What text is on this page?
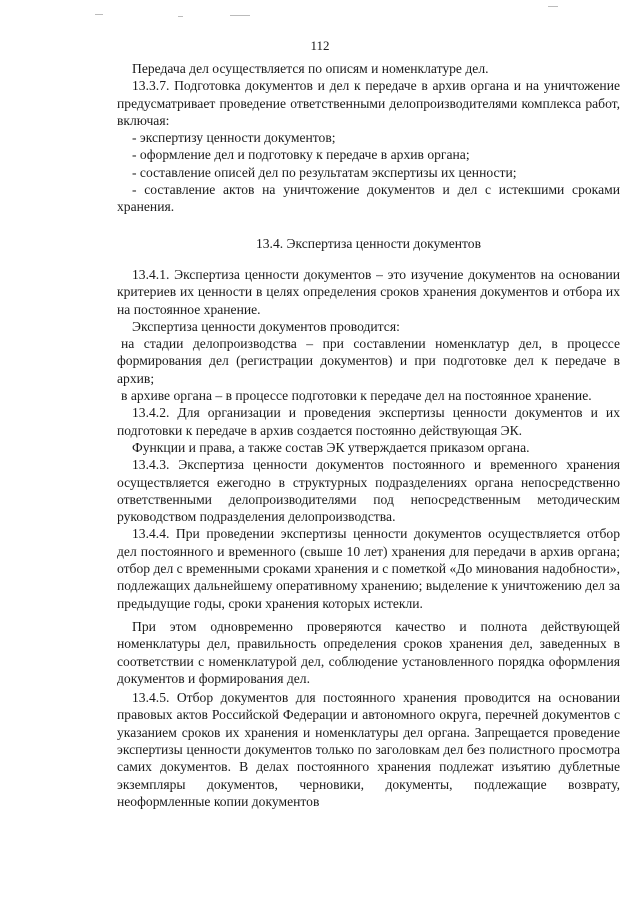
112

Передача дел осуществляется по описям и номенклатуре дел.

13.3.7. Подготовка документов и дел к передаче в архив органа и на уничтожение предусматривает проведение ответственными делопроизводителями комплекса работ, включая:

- экспертизу ценности документов;

- оформление дел и подготовку к передаче в архив органа;

- составление описей дел по результатам экспертизы их ценности;

- составление актов на уничтожение документов и дел с истекшими сроками хранения.

13.4. Экспертиза ценности документов

13.4.1. Экспертиза ценности документов – это изучение документов на основании критериев их ценности в целях определения сроков хранения документов и отбора их на постоянное хранение.

Экспертиза ценности документов проводится:

на стадии делопроизводства – при составлении номенклатур дел, в процессе формирования дел (регистрации документов) и при подготовке дел к передаче в архив;

в архиве органа – в процессе подготовки к передаче дел на постоянное хранение.

13.4.2. Для организации и проведения экспертизы ценности документов и их подготовки к передаче в архив создается постоянно действующая ЭК.

Функции и права, а также состав ЭК утверждается приказом органа.

13.4.3. Экспертиза ценности документов постоянного и временного хранения осуществляется ежегодно в структурных подразделениях органа непосредственно ответственными делопроизводителями под непосредственным методическим руководством подразделения делопроизводства.

13.4.4. При проведении экспертизы ценности документов осуществляется отбор дел постоянного и временного (свыше 10 лет) хранения для передачи в архив органа; отбор дел с временными сроками хранения и с пометкой «До минования надобности», подлежащих дальнейшему оперативному хранению; выделение к уничтожению дел за предыдущие годы, сроки хранения которых истекли.

При этом одновременно проверяются качество и полнота действующей номенклатуры дел, правильность определения сроков хранения дел, заведенных в соответствии с номенклатурой дел, соблюдение установленного порядка оформления документов и формирования дел.

13.4.5. Отбор документов для постоянного хранения проводится на основании правовых актов Российской Федерации и автономного округа, перечней документов с указанием сроков их хранения и номенклатуры дел органа. Запрещается проведение экспертизы ценности документов только по заголовкам дел без полистного просмотра самих документов. В делах постоянного хранения подлежат изъятию дублетные экземпляры документов, черновики, документы, подлежащие возврату, неоформленные копии документов
